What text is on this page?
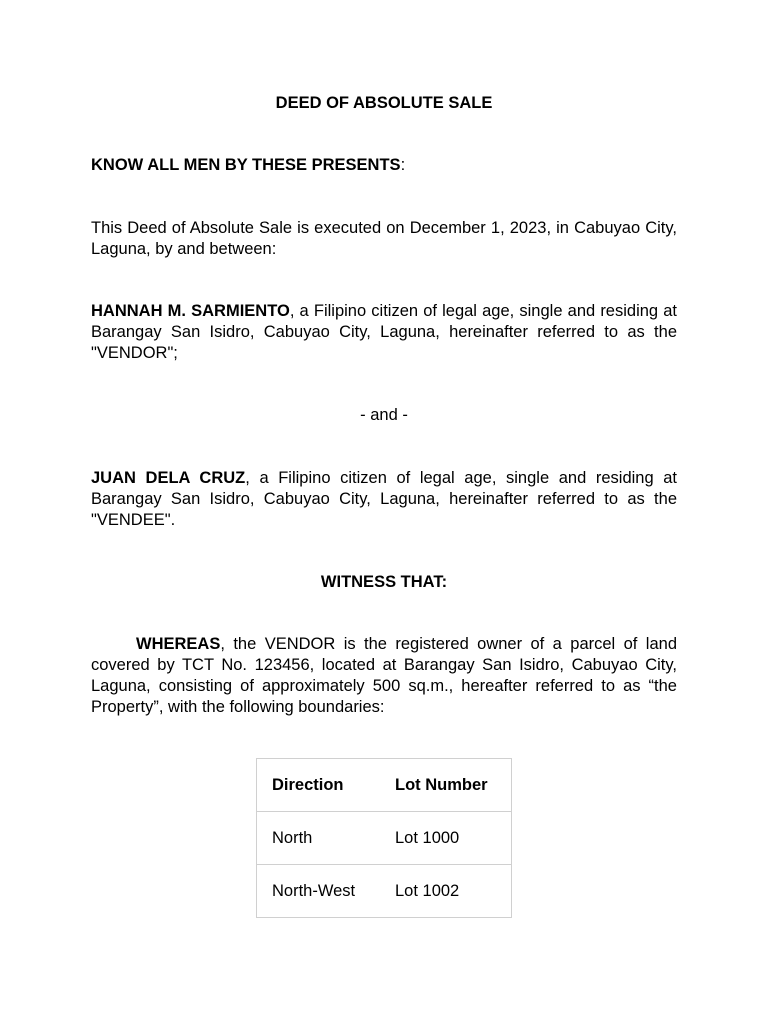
DEED OF ABSOLUTE SALE

KNOW ALL MEN BY THESE PRESENTS:

This Deed of Absolute Sale is executed on December 1, 2023, in Cabuyao City, Laguna, by and between:

HANNAH M. SARMIENTO, a Filipino citizen of legal age, single and residing at Barangay San Isidro, Cabuyao City, Laguna, hereinafter referred to as the "VENDOR";

- and -

JUAN DELA CRUZ, a Filipino citizen of legal age, single and residing at Barangay San Isidro, Cabuyao City, Laguna, hereinafter referred to as the "VENDEE".

WITNESS THAT:

WHEREAS, the VENDOR is the registered owner of a parcel of land covered by TCT No. 123456, located at Barangay San Isidro, Cabuyao City, Laguna, consisting of approximately 500 sq.m., hereafter referred to as “the Property”, with the following boundaries:

Direction	Lot Number
North	Lot 1000
North-West	Lot 1002
